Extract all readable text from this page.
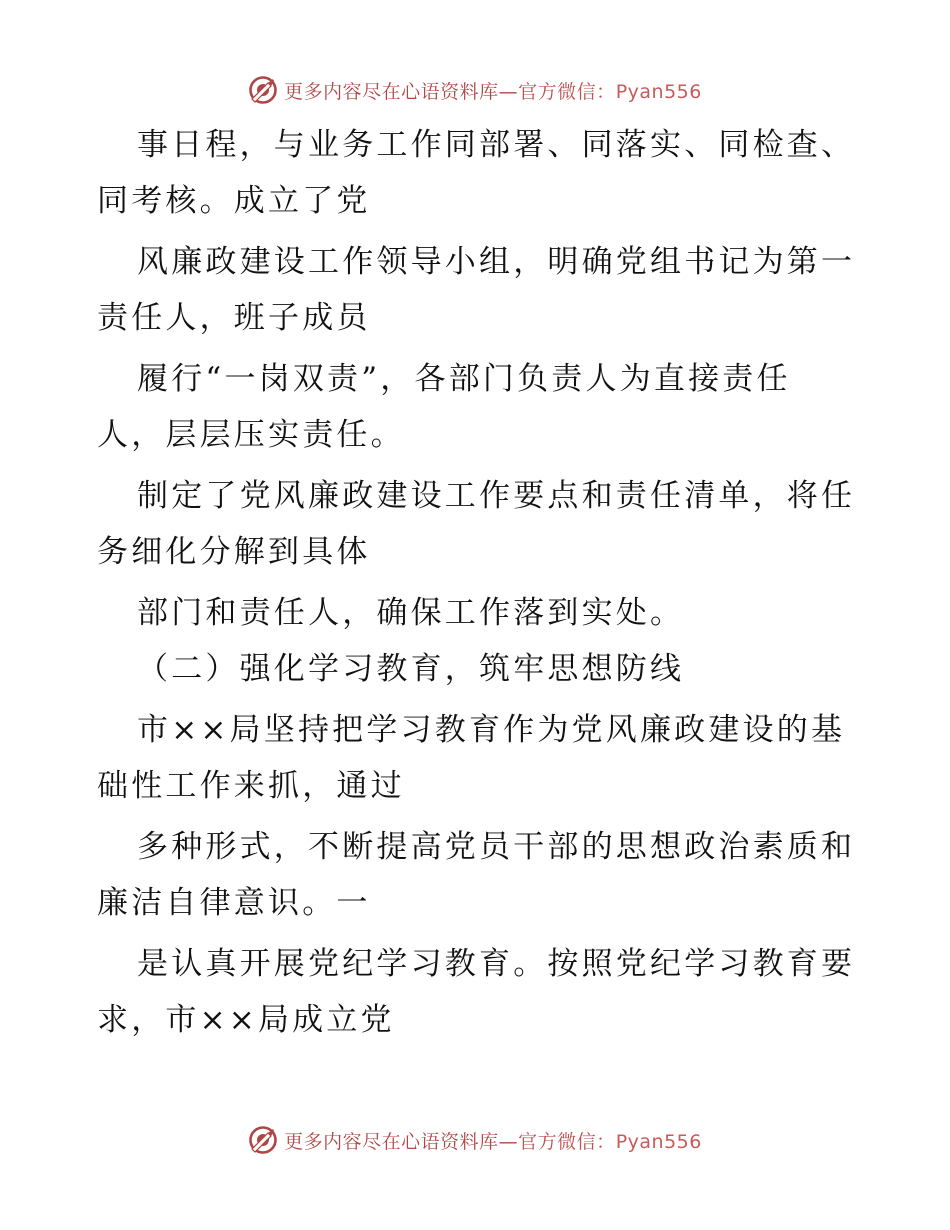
更多内容尽在心语资料库—官方微信：Pyan556
事日程，与业务工作同部署、同落实、同检查、
同考核。成立了党
风廉政建设工作领导小组，明确党组书记为第一
责任人，班子成员
履行“一岗双责”，各部门负责人为直接责任
人，层层压实责任。
制定了党风廉政建设工作要点和责任清单，将任
务细化分解到具体
部门和责任人，确保工作落到实处。
（二）强化学习教育，筑牢思想防线
市××局坚持把学习教育作为党风廉政建设的基
础性工作来抓，通过
多种形式，不断提高党员干部的思想政治素质和
廉洁自律意识。一
是认真开展党纪学习教育。按照党纪学习教育要
求，市××局成立党
更多内容尽在心语资料库—官方微信：Pyan556
